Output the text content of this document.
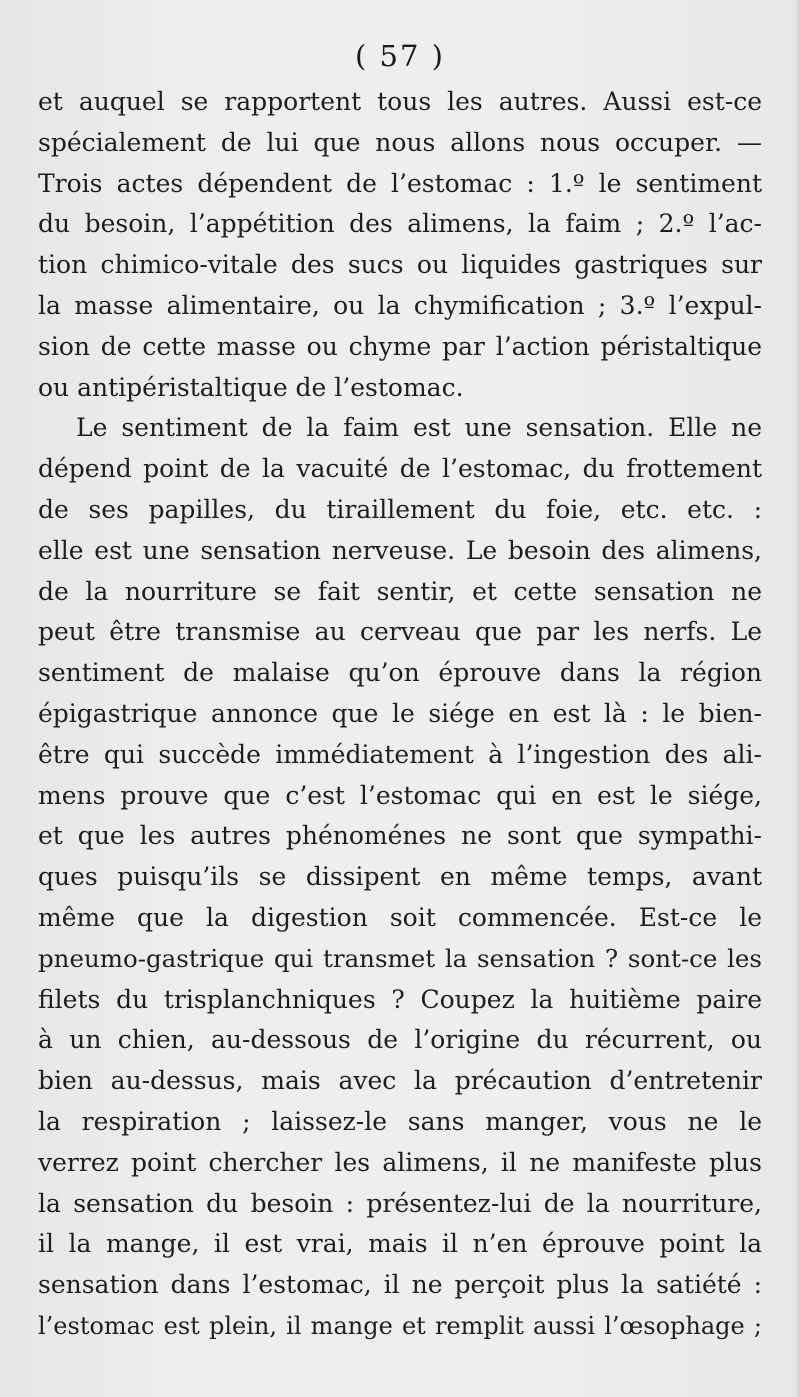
( 57 )
et auquel se rapportent tous les autres. Aussi est-ce
spécialement de lui que nous allons nous occuper. —
Trois actes dépendent de l’estomac : 1.º le sentiment
du besoin, l’appétition des alimens, la faim ; 2.º l’ac-
tion chimico-vitale des sucs ou liquides gastriques sur
la masse alimentaire, ou la chymification ; 3.º l’expul-
sion de cette masse ou chyme par l’action péristaltique
ou antipéristaltique de l’estomac.
Le sentiment de la faim est une sensation. Elle ne
dépend point de la vacuité de l’estomac, du frottement
de ses papilles, du tiraillement du foie, etc. etc. :
elle est une sensation nerveuse. Le besoin des alimens,
de la nourriture se fait sentir, et cette sensation ne
peut être transmise au cerveau que par les nerfs. Le
sentiment de malaise qu’on éprouve dans la région
épigastrique annonce que le siége en est là : le bien-
être qui succède immédiatement à l’ingestion des ali-
mens prouve que c’est l’estomac qui en est le siége,
et que les autres phénoménes ne sont que sympathi-
ques puisqu’ils se dissipent en même temps, avant
même que la digestion soit commencée. Est-ce le
pneumo-gastrique qui transmet la sensation ? sont-ce les
filets du trisplanchniques ? Coupez la huitième paire
à un chien, au-dessous de l’origine du récurrent, ou
bien au-dessus, mais avec la précaution d’entretenir
la respiration ; laissez-le sans manger, vous ne le
verrez point chercher les alimens, il ne manifeste plus
la sensation du besoin : présentez-lui de la nourriture,
il la mange, il est vrai, mais il n’en éprouve point la
sensation dans l’estomac, il ne perçoit plus la satiété :
l’estomac est plein, il mange et remplit aussi l’œsophage ;
